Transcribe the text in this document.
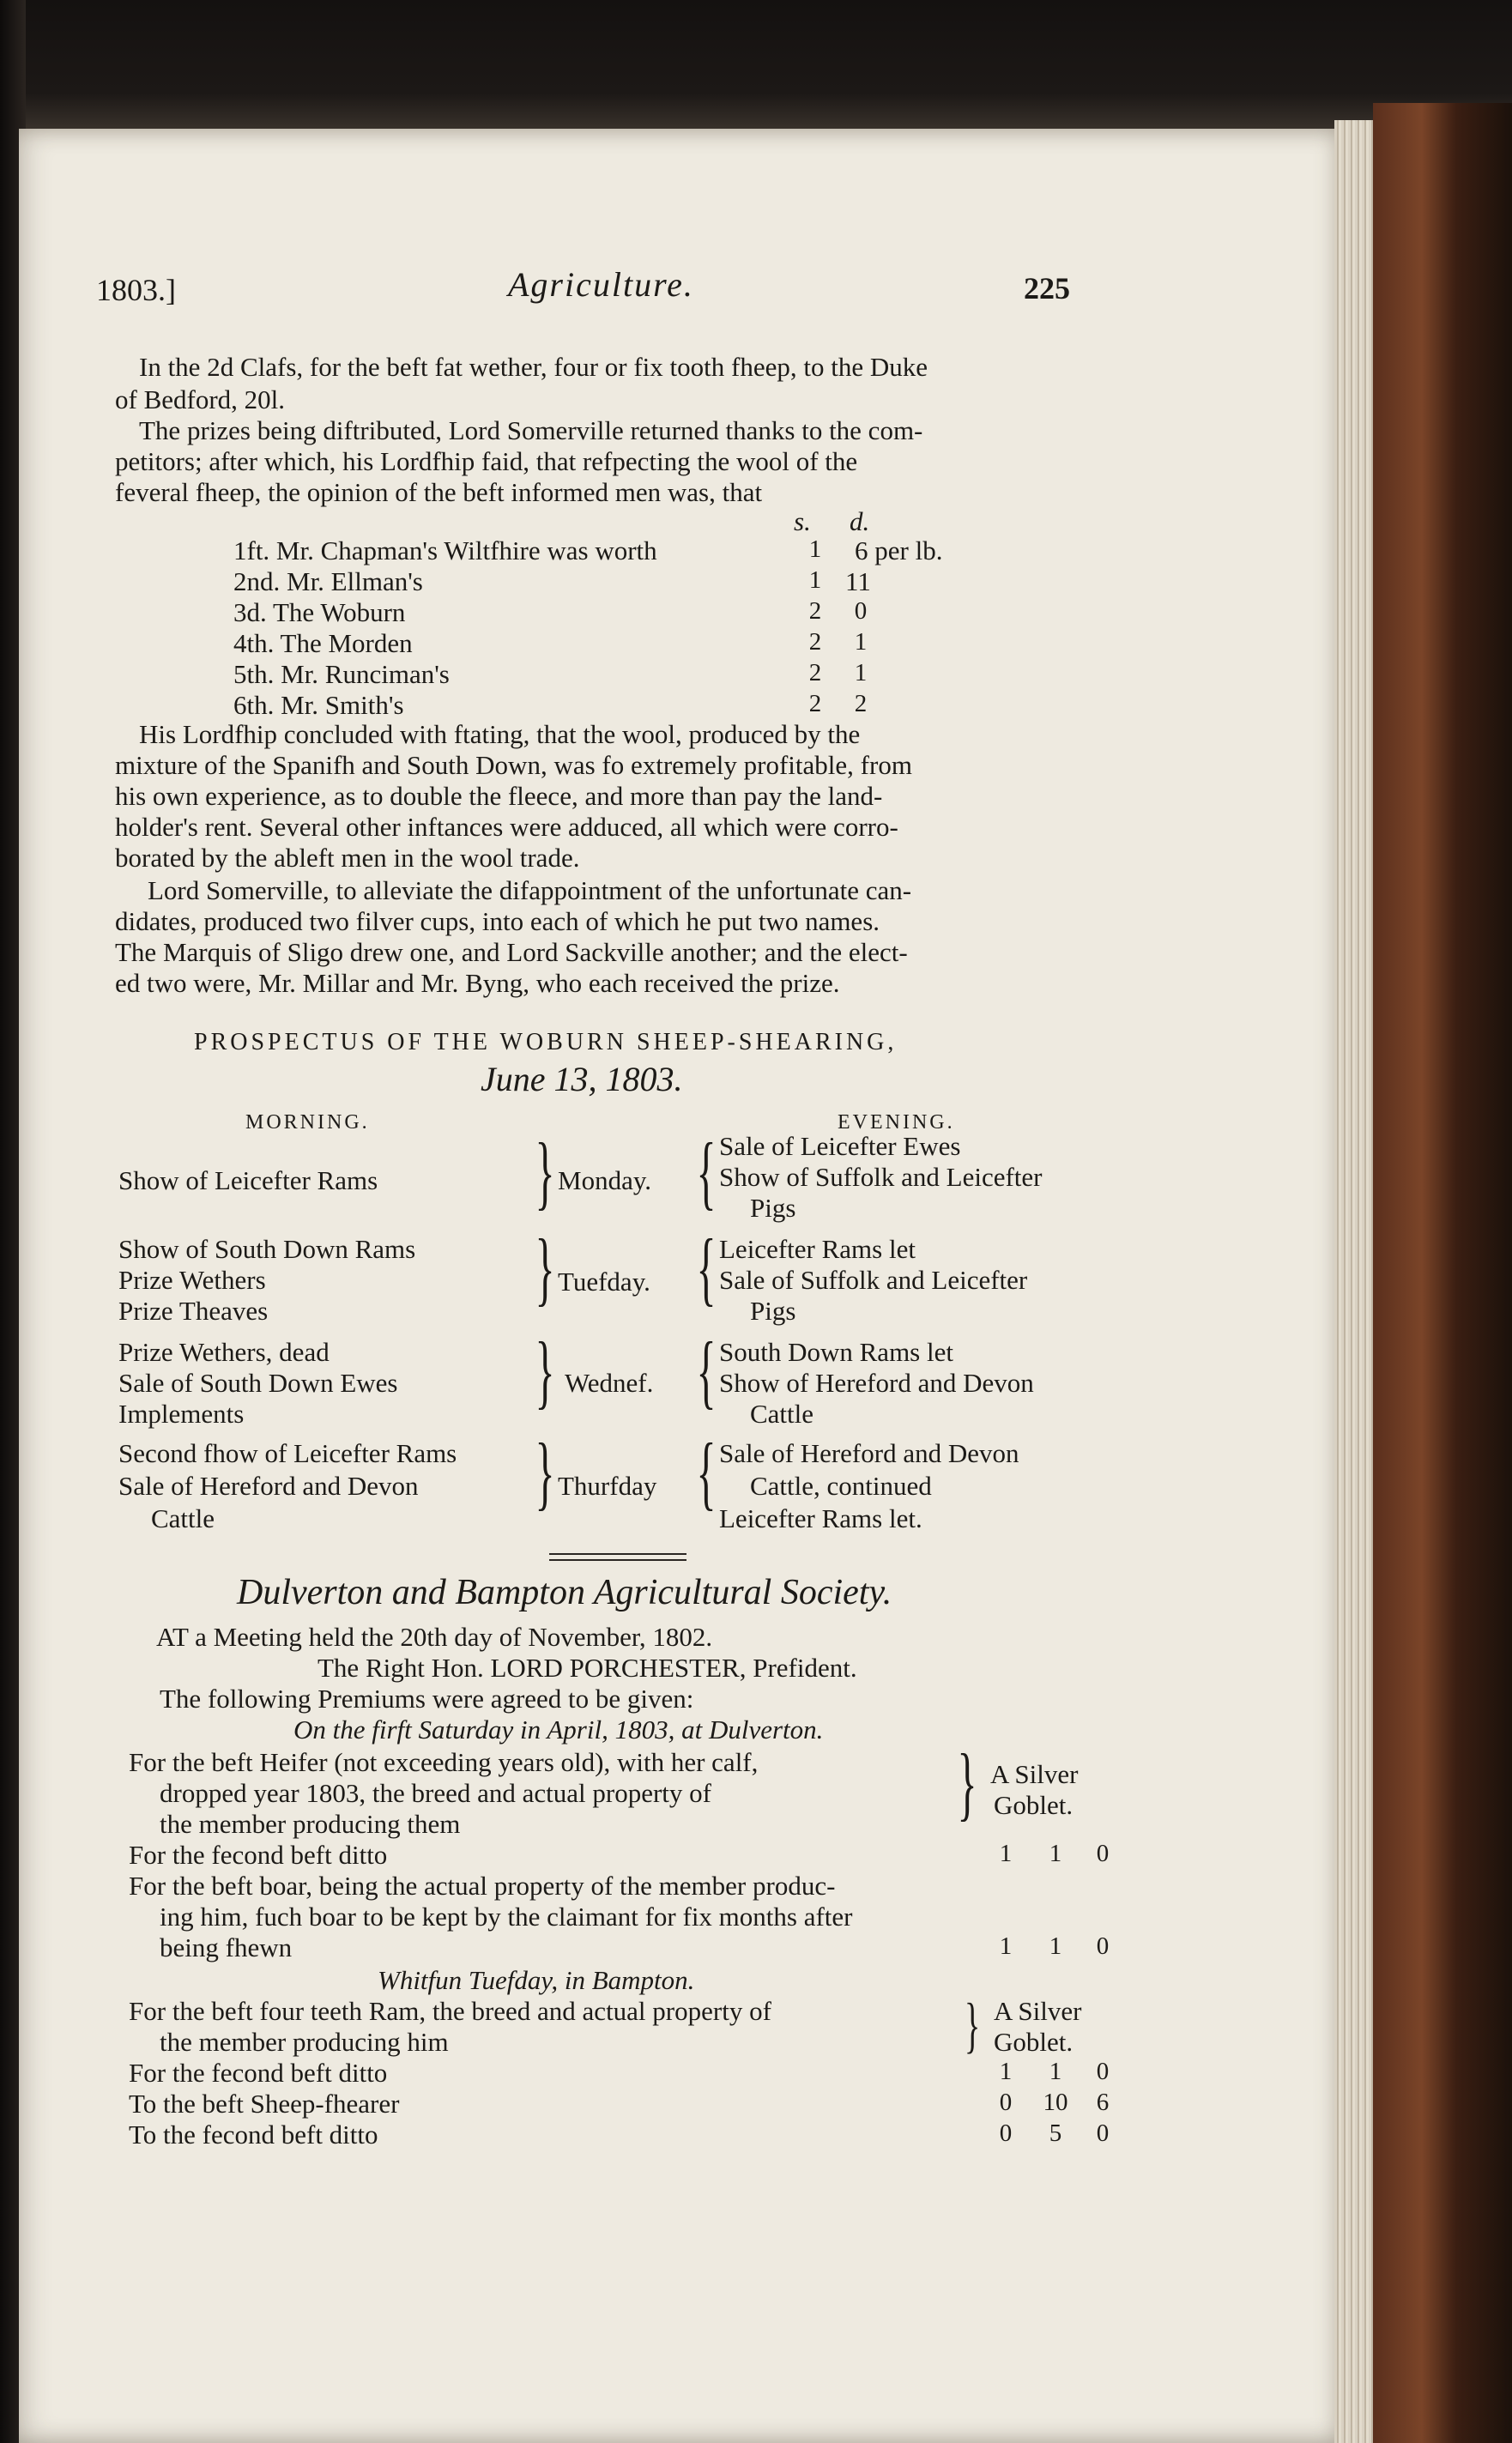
1803.]	Agriculture.	225
In the 2d Clafs, for the beft fat wether, four or fix tooth fheep, to the Duke
of Bedford, 20l.
The prizes being diftributed, Lord Somerville returned thanks to the com-
petitors; after which, his Lordfhip faid, that refpecting the wool of the
feveral fheep, the opinion of the beft informed men was, that
s. d.
1ft. Mr. Chapman's Wiltfhire was worth	1 6 per lb.
2nd. Mr. Ellman's	1 11
3d. The Woburn	2 0
4th. The Morden	2 1
5th. Mr. Runciman's	2 1
6th. Mr. Smith's	2 2
His Lordfhip concluded with ftating, that the wool, produced by the
mixture of the Spanifh and South Down, was fo extremely profitable, from
his own experience, as to double the fleece, and more than pay the land-
holder's rent. Several other inftances were adduced, all which were corro-
borated by the ableft men in the wool trade.
Lord Somerville, to alleviate the difappointment of the unfortunate can-
didates, produced two filver cups, into each of which he put two names.
The Marquis of Sligo drew one, and Lord Sackville another; and the elect-
ed two were, Mr. Millar and Mr. Byng, who each received the prize.
PROSPECTUS OF THE WOBURN SHEEP-SHEARING,
June 13, 1803.
MORNING.	EVENING.
Show of Leicefter Rams } Monday. { Sale of Leicefter Ewes
Show of Suffolk and Leicefter
Pigs
Show of South Down Rams
Prize Wethers
Prize Theaves	} Tuefday. { Leicefter Rams let
Sale of Suffolk and Leicefter
Pigs
Prize Wethers, dead
Sale of South Down Ewes
Implements	} Wednef. { South Down Rams let
Show of Hereford and Devon
Cattle
Second fhow of Leicefter Rams
Sale of Hereford and Devon
Cattle
} Thurfday { Sale of Hereford and Devon
Cattle, continued
Leicefter Rams let.
Dulverton and Bampton Agricultural Society.
AT a Meeting held the 20th day of November, 1802.
The Right Hon. LORD PORCHESTER, Prefident.
The following Premiums were agreed to be given:
On the firft Saturday in April, 1803, at Dulverton.
For the beft Heifer (not exceeding years old), with her calf,
dropped year 1803, the breed and actual property of
the member producing them	} A Silver
Goblet.
For the fecond beft ditto	1 1 0
For the beft boar, being the actual property of the member produc-
ing him, fuch boar to be kept by the claimant for fix months after
being fhewn	1 1 0
Whitfun Tuefday, in Bampton.
For the beft four teeth Ram, the breed and actual property of
the member producing him	} A Silver
Goblet.
For the fecond beft ditto	1 1 0
To the beft Sheep-fhearer	0 10 6
To the fecond beft ditto	0 5 0
